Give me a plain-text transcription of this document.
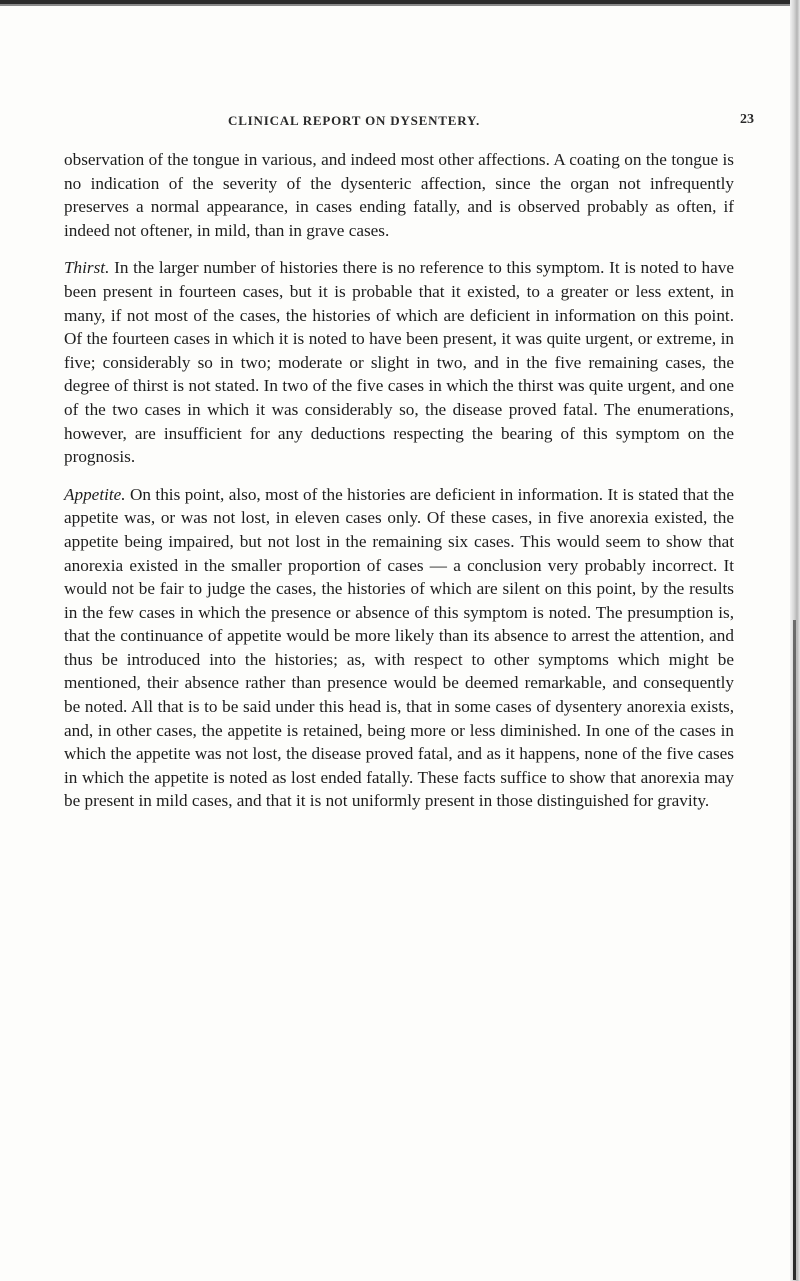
CLINICAL REPORT ON DYSENTERY.	23

observation of the tongue in various, and indeed most other affections. A coating on the tongue is no indication of the severity of the dysenteric affection, since the organ not infrequently preserves a normal appearance, in cases ending fatally, and is observed probably as often, if indeed not oftener, in mild, than in grave cases.

Thirst. In the larger number of histories there is no reference to this symptom. It is noted to have been present in fourteen cases, but it is probable that it existed, to a greater or less extent, in many, if not most of the cases, the histories of which are deficient in information on this point. Of the fourteen cases in which it is noted to have been present, it was quite urgent, or extreme, in five; considerably so in two; moderate or slight in two, and in the five remaining cases, the degree of thirst is not stated. In two of the five cases in which the thirst was quite urgent, and one of the two cases in which it was considerably so, the disease proved fatal. The enumerations, however, are insufficient for any deductions respecting the bearing of this symptom on the prognosis.

Appetite. On this point, also, most of the histories are deficient in information. It is stated that the appetite was, or was not lost, in eleven cases only. Of these cases, in five anorexia existed, the appetite being impaired, but not lost in the remaining six cases. This would seem to show that anorexia existed in the smaller proportion of cases — a conclusion very probably incorrect. It would not be fair to judge the cases, the histories of which are silent on this point, by the results in the few cases in which the presence or absence of this symptom is noted. The presumption is, that the continuance of appetite would be more likely than its absence to arrest the attention, and thus be introduced into the histories; as, with respect to other symptoms which might be mentioned, their absence rather than presence would be deemed remarkable, and consequently be noted. All that is to be said under this head is, that in some cases of dysentery anorexia exists, and, in other cases, the appetite is retained, being more or less diminished. In one of the cases in which the appetite was not lost, the disease proved fatal, and as it happens, none of the five cases in which the appetite is noted as lost ended fatally. These facts suffice to show that anorexia may be present in mild cases, and that it is not uniformly present in those distinguished for gravity.
